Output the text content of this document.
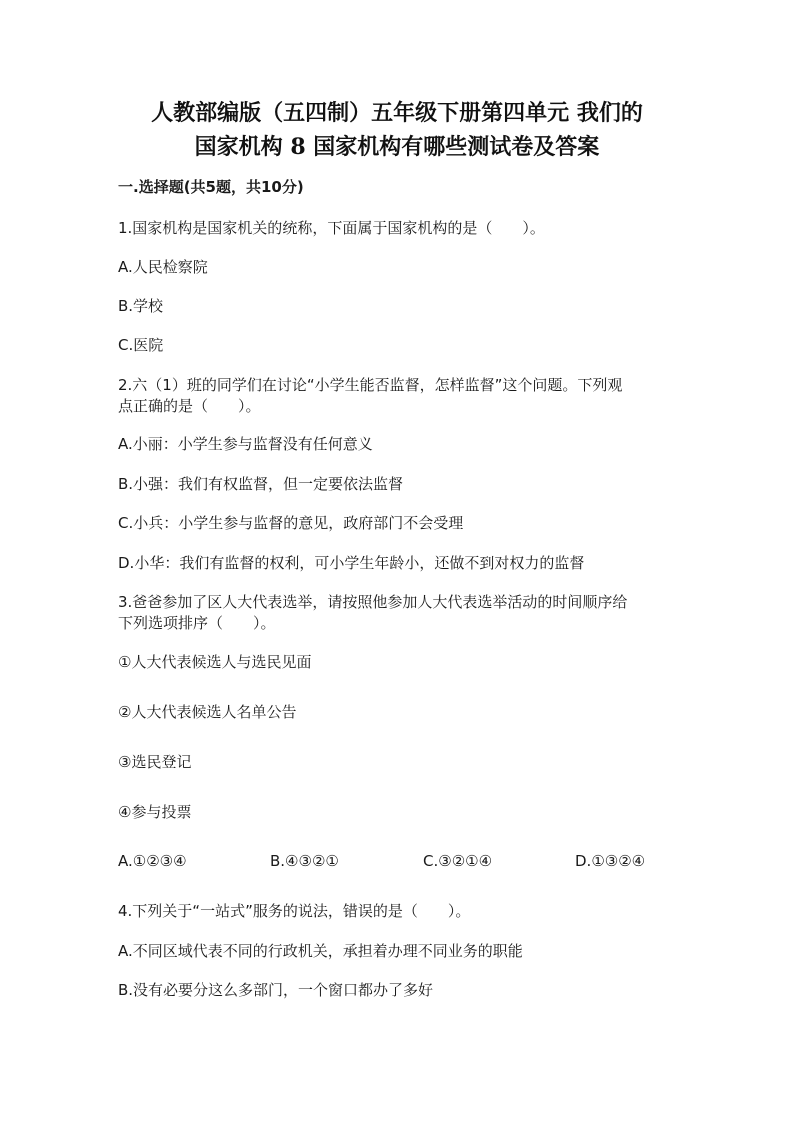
人教部编版（五四制）五年级下册第四单元 我们的
国家机构 8 国家机构有哪些测试卷及答案
一.选择题(共5题，共10分)
1.国家机构是国家机关的统称，下面属于国家机构的是（　　）。
A.人民检察院
B.学校
C.医院
2.六（1）班的同学们在讨论“小学生能否监督，怎样监督”这个问题。下列观
点正确的是（　　）。
A.小丽：小学生参与监督没有任何意义
B.小强：我们有权监督，但一定要依法监督
C.小兵：小学生参与监督的意见，政府部门不会受理
D.小华：我们有监督的权利，可小学生年龄小，还做不到对权力的监督
3.爸爸参加了区人大代表选举，请按照他参加人大代表选举活动的时间顺序给
下列选项排序（　　）。
①人大代表候选人与选民见面
②人大代表候选人名单公告
③选民登记
④参与投票
A.①②③④	B.④③②①	C.③②①④	D.①③②④
4.下列关于“一站式”服务的说法，错误的是（　　）。
A.不同区域代表不同的行政机关，承担着办理不同业务的职能
B.没有必要分这么多部门，一个窗口都办了多好
